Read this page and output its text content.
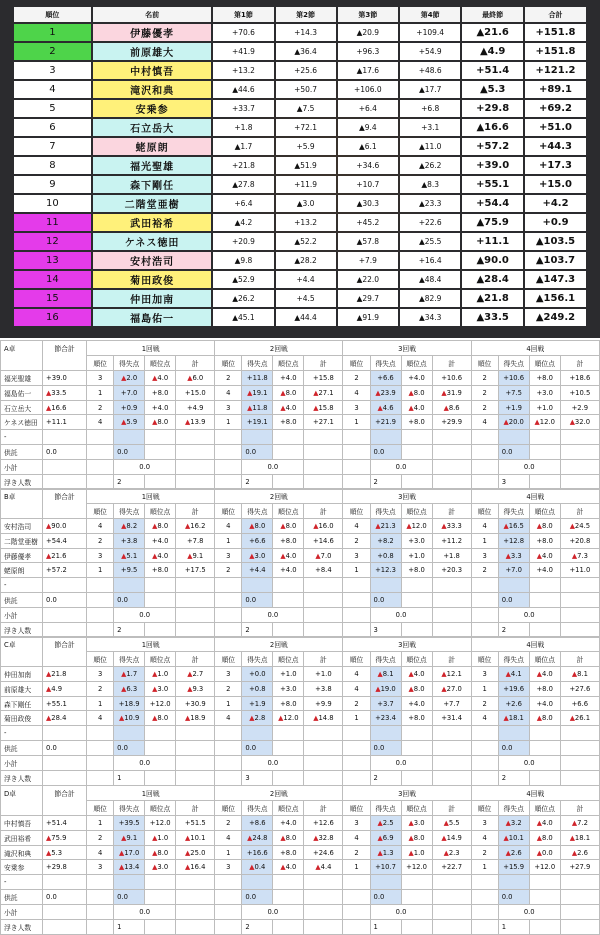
順位	名前	第1節	第2節	第3節	第4節	最終節	合計
1	伊藤優孝	+70.6	+14.3	▲20.9	+109.4	▲21.6	+151.8
2	前原雄大	+41.9	▲36.4	+96.3	+54.9	▲4.9	+151.8
3	中村慎吾	+13.2	+25.6	▲17.6	+48.6	+51.4	+121.2
4	滝沢和典	▲44.6	+50.7	+106.0	▲17.7	▲5.3	+89.1
5	安乗参	+33.7	▲7.5	+6.4	+6.8	+29.8	+69.2
6	石立岳大	+1.8	+72.1	▲9.4	+3.1	▲16.6	+51.0
7	蛯原朗	▲1.7	+5.9	▲6.1	▲11.0	+57.2	+44.3
8	福光聖雄	+21.8	▲51.9	+34.6	▲26.2	+39.0	+17.3
9	森下剛任	▲27.8	+11.9	+10.7	▲8.3	+55.1	+15.0
10	二階堂亜樹	+6.4	▲3.0	▲30.3	▲23.3	+54.4	+4.2
11	武田裕希	▲4.2	+13.2	+45.2	+22.6	▲75.9	+0.9
12	ケネス徳田	+20.9	▲52.2	▲57.8	▲25.5	+11.1	▲103.5
13	安村浩司	▲9.8	▲28.2	+7.9	+16.4	▲90.0	▲103.7
14	菊田政俊	▲52.9	+4.4	▲22.0	▲48.4	▲28.4	▲147.3
15	仲田加南	▲26.2	+4.5	▲29.7	▲82.9	▲21.8	▲156.1
16	福島佑一	▲45.1	▲44.4	▲91.9	▲34.3	▲33.5	▲249.2
A卓	節合計	1回戦				2回戦				3回戦				4回戦			
		順位	得失点	順位点	計	順位	得失点	順位点	計	順位	得失点	順位点	計	順位	得失点	順位点	計
福光聖雄	+39.0	3	▲2.0	▲4.0	▲6.0	2	+11.8	+4.0	+15.8	2	+6.6	+4.0	+10.6	2	+10.6	+8.0	+18.6
福島佑一	▲33.5	1	+7.0	+8.0	+15.0	4	▲19.1	▲8.0	▲27.1	4	▲23.9	▲8.0	▲31.9	2	+7.5	+3.0	+10.5
石立岳大	▲16.6	2	+0.9	+4.0	+4.9	3	▲11.8	▲4.0	▲15.8	3	▲4.6	▲4.0	▲8.6	2	+1.9	+1.0	+2.9
ケネス徳田	+11.1	4	▲5.9	▲8.0	▲13.9	1	+19.1	+8.0	+27.1	1	+21.9	+8.0	+29.9	4	▲20.0	▲12.0	▲32.0
-																	
供託	0.0		0.0				0.0				0.0				0.0		
小計			0.0				0.0				0.0				0.0		
浮き人数			2				2				2				3		
B卓	節合計	1回戦				2回戦				3回戦				4回戦			
		順位	得失点	順位点	計	順位	得失点	順位点	計	順位	得失点	順位点	計	順位	得失点	順位点	計
安村浩司	▲90.0	4	▲8.2	▲8.0	▲16.2	4	▲8.0	▲8.0	▲16.0	4	▲21.3	▲12.0	▲33.3	4	▲16.5	▲8.0	▲24.5
二階堂亜樹	+54.4	2	+3.8	+4.0	+7.8	1	+6.6	+8.0	+14.6	2	+8.2	+3.0	+11.2	1	+12.8	+8.0	+20.8
伊藤優孝	▲21.6	3	▲5.1	▲4.0	▲9.1	3	▲3.0	▲4.0	▲7.0	3	+0.8	+1.0	+1.8	3	▲3.3	▲4.0	▲7.3
蛯原朗	+57.2	1	+9.5	+8.0	+17.5	2	+4.4	+4.0	+8.4	1	+12.3	+8.0	+20.3	2	+7.0	+4.0	+11.0
-																	
供託	0.0		0.0				0.0				0.0				0.0		
小計			0.0				0.0				0.0				0.0		
浮き人数			2				2				3				2		
C卓	節合計	1回戦				2回戦				3回戦				4回戦			
		順位	得失点	順位点	計	順位	得失点	順位点	計	順位	得失点	順位点	計	順位	得失点	順位点	計
仲田加南	▲21.8	3	▲1.7	▲1.0	▲2.7	3	+0.0	+1.0	+1.0	4	▲8.1	▲4.0	▲12.1	3	▲4.1	▲4.0	▲8.1
前原雄大	▲4.9	2	▲6.3	▲3.0	▲9.3	2	+0.8	+3.0	+3.8	4	▲19.0	▲8.0	▲27.0	1	+19.6	+8.0	+27.6
森下剛任	+55.1	1	+18.9	+12.0	+30.9	1	+1.9	+8.0	+9.9	2	+3.7	+4.0	+7.7	2	+2.6	+4.0	+6.6
菊田政俊	▲28.4	4	▲10.9	▲8.0	▲18.9	4	▲2.8	▲12.0	▲14.8	1	+23.4	+8.0	+31.4	4	▲18.1	▲8.0	▲26.1
-																	
供託	0.0		0.0				0.0				0.0				0.0		
小計			0.0				0.0				0.0				0.0		
浮き人数			1				3				2				2		
D卓	節合計	1回戦				2回戦				3回戦				4回戦			
		順位	得失点	順位点	計	順位	得失点	順位点	計	順位	得失点	順位点	計	順位	得失点	順位点	計
中村慎吾	+51.4	1	+39.5	+12.0	+51.5	2	+8.6	+4.0	+12.6	3	▲2.5	▲3.0	▲5.5	3	▲3.2	▲4.0	▲7.2
武田裕希	▲75.9	2	▲9.1	▲1.0	▲10.1	4	▲24.8	▲8.0	▲32.8	4	▲6.9	▲8.0	▲14.9	4	▲10.1	▲8.0	▲18.1
滝沢和典	▲5.3	4	▲17.0	▲8.0	▲25.0	1	+16.6	+8.0	+24.6	2	▲1.3	▲1.0	▲2.3	2	▲2.6	▲0.0	▲2.6
安乗参	+29.8	3	▲13.4	▲3.0	▲16.4	3	▲0.4	▲4.0	▲4.4	1	+10.7	+12.0	+22.7	1	+15.9	+12.0	+27.9
-																	
供託	0.0		0.0				0.0				0.0				0.0		
小計			0.0				0.0				0.0				0.0		
浮き人数			1				2				1				1		
